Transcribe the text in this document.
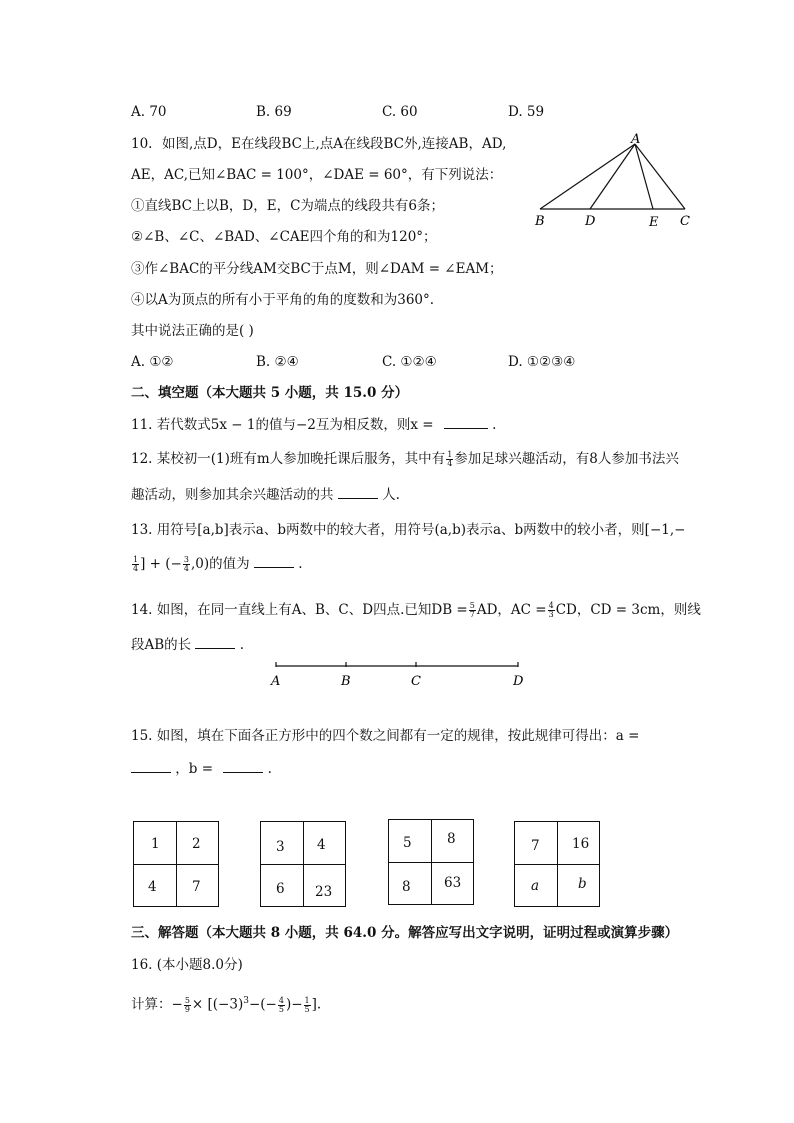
A. 70	B. 69	C. 60	D. 59
10. 如图,点D，E在线段BC上,点A在线段BC外,连接AB，AD,
AE，AC,已知∠BAC = 100°，∠DAE = 60°，有下列说法：
①直线BC上以B，D，E，C为端点的线段共有6条；
②∠B、∠C、∠BAD、∠CAE四个角的和为120°；
③作∠BAC的平分线AM交BC于点M，则∠DAM = ∠EAM；
④以A为顶点的所有小于平角的角的度数和为360°.
其中说法正确的是( )
A. ①②	B. ②④	C. ①②④	D. ①②③④
A
B	D	E C
二、填空题（本大题共 5 小题，共 15.0 分）
11. 若代数式5x − 1的值与−2互为相反数，则x =	.
12. 某校初一(1)班有m人参加晚托课后服务，其中有 $\frac{1}{4}$ 参加足球兴趣活动，有8人参加书法兴
趣活动，则参加其余兴趣活动的共	人.
13. 用符号[a,b]表示a、b两数中的较大者，用符号(a,b)表示a、b两数中的较小者，则[−1,−
$\frac{1}{4}$ ] + (− $\frac{3}{4} ,0$)的值为	.
14. 如图，在同一直线上有A、B、C、D四点.已知DB = $\frac{5}{7}$ AD，AC = $\frac{4}{3}$ CD，CD = 3cm，则线
段AB的长	.
A	B	C	D
15. 如图，填在下面各正方形中的四个数之间都有一定的规律，按此规律可得出：a =
，b =	.
1 2
4	7
3 4
6 23
5	8
8 63
7 16
a	b
三、解答题（本大题共 8 小题，共 64.0 分。解答应写出文字说明，证明过程或演算步骤）
16. (本小题8.0分)
计算：− $\frac{5}{9} \times [(-3)^3-(- \frac{4}{5}$ )− $\frac{1}{5}$ ].
